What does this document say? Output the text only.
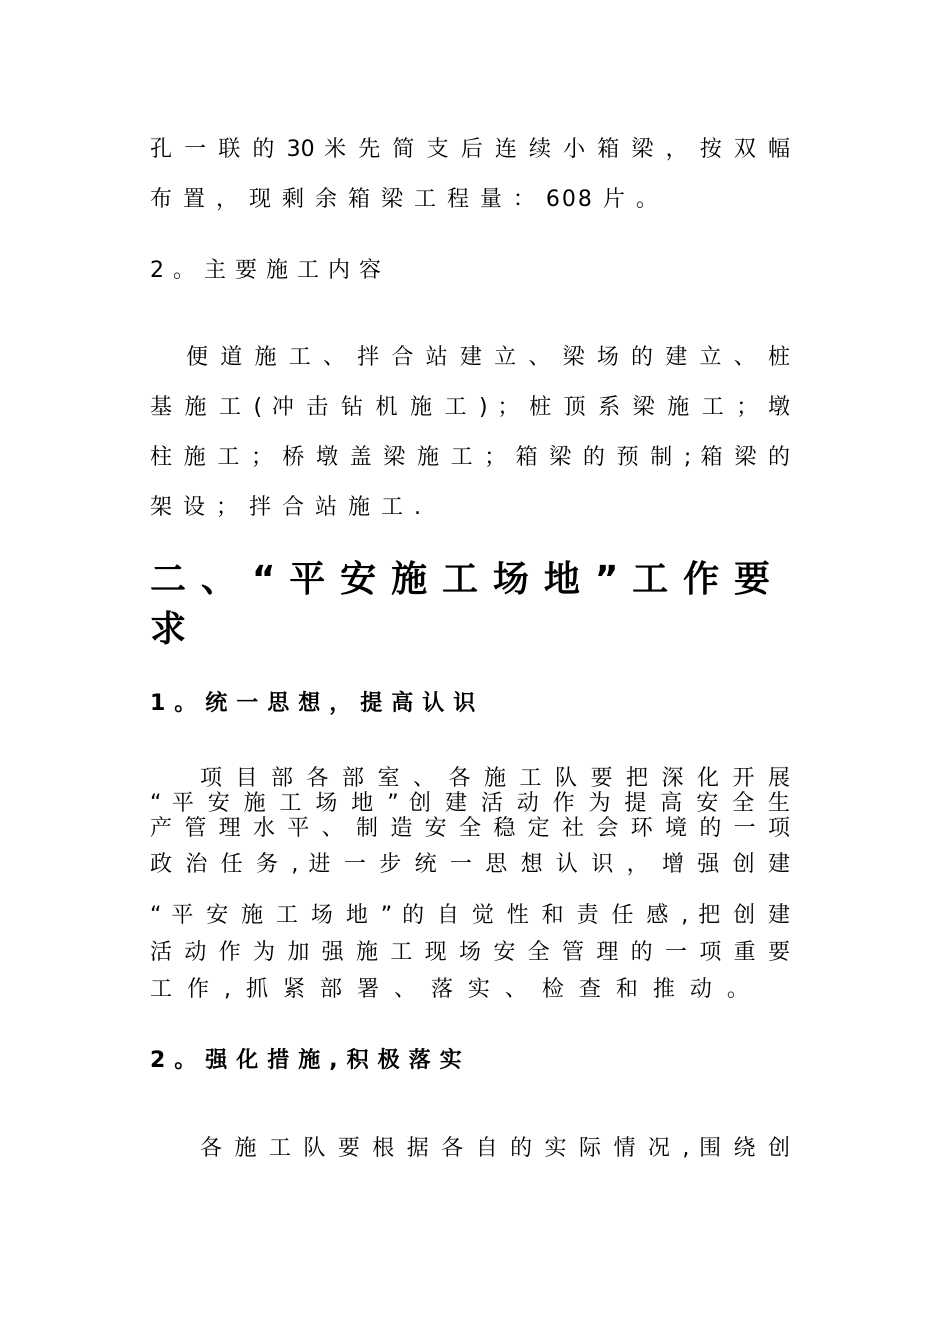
孔 一 联 的 30 米 先 简 支 后 连 续 小 箱 梁 ， 按 双 幅
布 置 ， 现 剩 余 箱 梁 工 程 量 ： 608 片 。
2。主要施工内容
便 道 施 工 、 拌 合 站 建 立 、 梁 场 的 建 立 、 桩
基 施 工 ( 冲 击 钻 机 施 工 ) ； 桩 顶 系 梁 施 工 ； 墩
柱 施 工 ； 桥 墩 盖 梁 施 工 ； 箱 梁 的 预 制 ; 箱 梁 的
架 设 ； 拌 合 站 施 工 .
二 、 “ 平 安 施 工 场 地 ” 工 作 要
求
1。统一思想，提高认识
项 目 部 各 部 室 、 各 施 工 队 要 把 深 化 开 展
“ 平 安 施 工 场 地 ” 创 建 活 动 作 为 提 高 安 全 生
产 管 理 水 平 、 制 造 安 全 稳 定 社 会 环 境 的 一 项
政 治 任 务 , 进 一 步 统 一 思 想 认 识 ， 增 强 创 建
“ 平 安 施 工 场 地 ” 的 自 觉 性 和 责 任 感 , 把 创 建
活 动 作 为 加 强 施 工 现 场 安 全 管 理 的 一 项 重 要
工 作 , 抓 紧 部 署 、 落 实 、 检 查 和 推 动 。
2。强化措施,积极落实
各 施 工 队 要 根 据 各 自 的 实 际 情 况 , 围 绕 创
